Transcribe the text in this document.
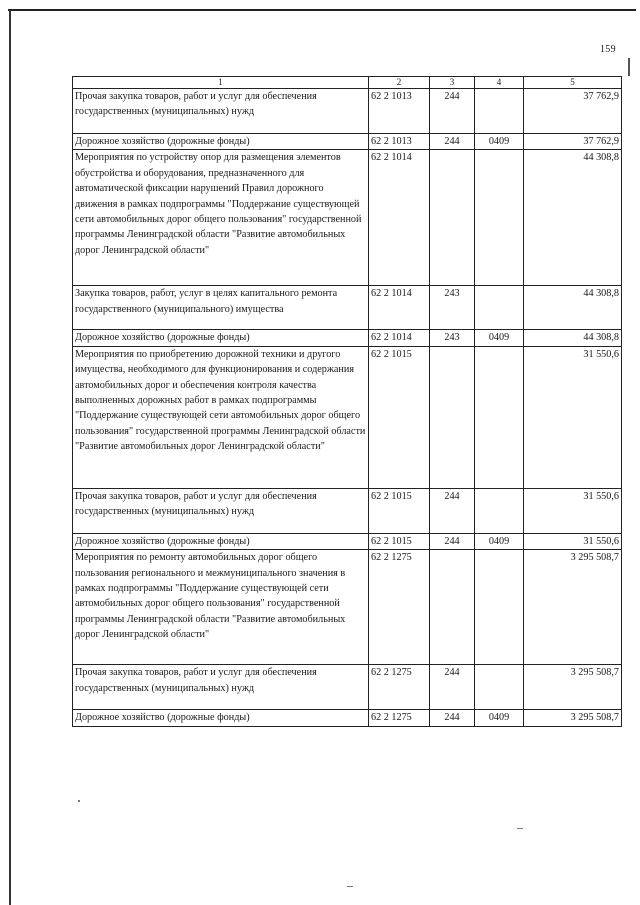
159
1	2	3	4	5
Прочая закупка товаров, работ и услуг для обеспечения государственных (муниципальных) нужд	62 2 1013	244		37 762,9
Дорожное хозяйство (дорожные фонды)	62 2 1013	244	0409	37 762,9
Мероприятия по устройству опор для размещения элементов обустройства и оборудования, предназначенного для автоматической фиксации нарушений Правил дорожного движения в рамках подпрограммы "Поддержание существующей сети автомобильных дорог общего пользования" государственной программы Ленинградской области "Развитие автомобильных дорог Ленинградской области"	62 2 1014			44 308,8
Закупка товаров, работ, услуг в целях капитального ремонта государственного (муниципального) имущества	62 2 1014	243		44 308,8
Дорожное хозяйство (дорожные фонды)	62 2 1014	243	0409	44 308,8
Мероприятия по приобретению дорожной техники и другого имущества, необходимого для функционирования и содержания автомобильных дорог и обеспечения контроля качества выполненных дорожных работ в рамках подпрограммы "Поддержание существующей сети автомобильных дорог общего пользования" государственной программы Ленинградской области "Развитие автомобильных дорог Ленинградской области"	62 2 1015			31 550,6
Прочая закупка товаров, работ и услуг для обеспечения государственных (муниципальных) нужд	62 2 1015	244		31 550,6
Дорожное хозяйство (дорожные фонды)	62 2 1015	244	0409	31 550,6
Мероприятия по ремонту автомобильных дорог общего пользования регионального и межмуниципального значения в рамках подпрограммы "Поддержание существующей сети автомобильных дорог общего пользования" государственной программы Ленинградской области "Развитие автомобильных дорог Ленинградской области"	62 2 1275			3 295 508,7
Прочая закупка товаров, работ и услуг для обеспечения государственных (муниципальных) нужд	62 2 1275	244		3 295 508,7
Дорожное хозяйство (дорожные фонды)	62 2 1275	244	0409	3 295 508,7
